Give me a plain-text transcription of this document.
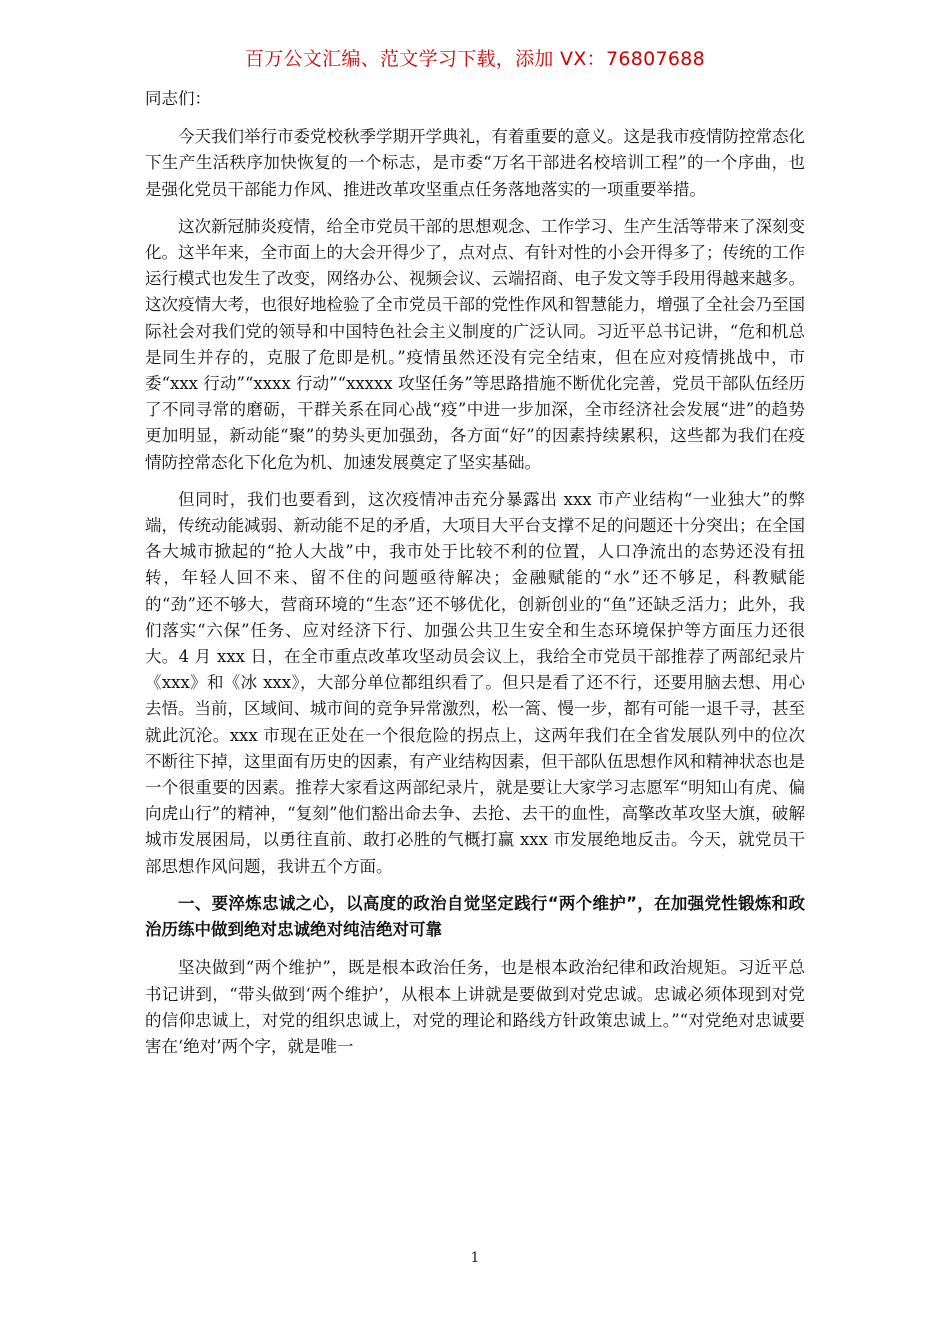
百万公文汇编、范文学习下载，添加 VX：76807688

同志们：

今天我们举行市委党校秋季学期开学典礼，有着重要的意义。这是我市疫情防控常态化下生产生活秩序加快恢复的一个标志，是市委“万名干部进名校培训工程”的一个序曲，也是强化党员干部能力作风、推进改革攻坚重点任务落地落实的一项重要举措。

这次新冠肺炎疫情，给全市党员干部的思想观念、工作学习、生产生活等带来了深刻变化。这半年来，全市面上的大会开得少了，点对点、有针对性的小会开得多了；传统的工作运行模式也发生了改变，网络办公、视频会议、云端招商、电子发文等手段用得越来越多。这次疫情大考，也很好地检验了全市党员干部的党性作风和智慧能力，增强了全社会乃至国际社会对我们党的领导和中国特色社会主义制度的广泛认同。习近平总书记讲，“危和机总是同生并存的，克服了危即是机。”疫情虽然还没有完全结束，但在应对疫情挑战中，市委“xxx 行动”“xxxx 行动”“xxxxx 攻坚任务”等思路措施不断优化完善，党员干部队伍经历了不同寻常的磨砺，干群关系在同心战“疫”中进一步加深，全市经济社会发展“进”的趋势更加明显，新动能“聚”的势头更加强劲，各方面“好”的因素持续累积，这些都为我们在疫情防控常态化下化危为机、加速发展奠定了坚实基础。

但同时，我们也要看到，这次疫情冲击充分暴露出 xxx 市产业结构“一业独大”的弊端，传统动能减弱、新动能不足的矛盾，大项目大平台支撑不足的问题还十分突出；在全国各大城市掀起的“抢人大战”中，我市处于比较不利的位置，人口净流出的态势还没有扭转，年轻人回不来、留不住的问题亟待解决；金融赋能的“水”还不够足，科教赋能的“劲”还不够大，营商环境的“生态”还不够优化，创新创业的“鱼”还缺乏活力；此外，我们落实“六保”任务、应对经济下行、加强公共卫生安全和生态环境保护等方面压力还很大。4 月 xxx 日，在全市重点改革攻坚动员会议上，我给全市党员干部推荐了两部纪录片《xxx》和《冰 xxx》，大部分单位都组织看了。但只是看了还不行，还要用脑去想、用心去悟。当前，区域间、城市间的竞争异常激烈，松一篙、慢一步，都有可能一退千寻，甚至就此沉沦。xxx 市现在正处在一个很危险的拐点上，这两年我们在全省发展队列中的位次不断往下掉，这里面有历史的因素，有产业结构因素，但干部队伍思想作风和精神状态也是一个很重要的因素。推荐大家看这两部纪录片，就是要让大家学习志愿军“明知山有虎、偏向虎山行”的精神，“复刻”他们豁出命去争、去抢、去干的血性，高擎改革攻坚大旗，破解城市发展困局，以勇往直前、敢打必胜的气概打赢 xxx 市发展绝地反击。今天，就党员干部思想作风问题，我讲五个方面。

一、要淬炼忠诚之心，以高度的政治自觉坚定践行“两个维护”，在加强党性锻炼和政治历练中做到绝对忠诚绝对纯洁绝对可靠

坚决做到“两个维护”，既是根本政治任务，也是根本政治纪律和政治规矩。习近平总书记讲到，“带头做到‘两个维护’，从根本上讲就是要做到对党忠诚。忠诚必须体现到对党的信仰忠诚上，对党的组织忠诚上，对党的理论和路线方针政策忠诚上。”“对党绝对忠诚要害在‘绝对’两个字，就是唯一

1
